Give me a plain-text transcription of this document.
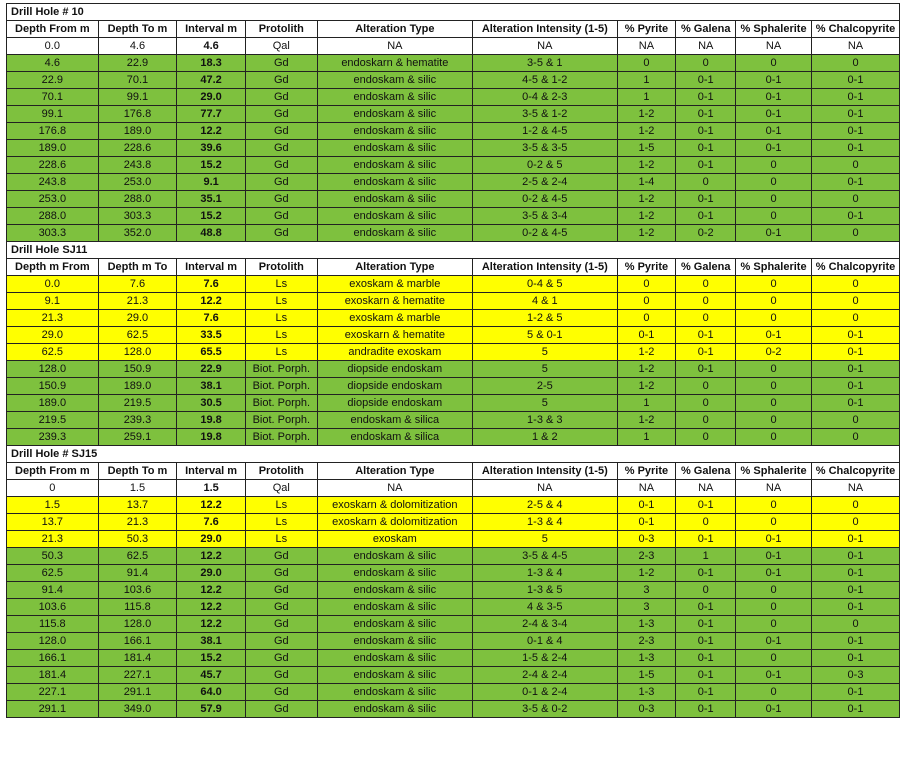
Drill Hole # 10									
Depth From m	Depth To m	Interval m	Protolith	Alteration Type	Alteration Intensity (1-5)	% Pyrite	% Galena	% Sphalerite	% Chalcopyrite
0.0	4.6	4.6	Qal	NA	NA	NA	NA	NA	NA
4.6	22.9	18.3	Gd	endoskarn & hematite	3-5 & 1	0	0	0	0
22.9	70.1	47.2	Gd	endoskam & silic	4-5 & 1-2	1	0-1	0-1	0-1
70.1	99.1	29.0	Gd	endoskam & silic	0-4 & 2-3	1	0-1	0-1	0-1
99.1	176.8	77.7	Gd	endoskam & silic	3-5 & 1-2	1-2	0-1	0-1	0-1
176.8	189.0	12.2	Gd	endoskam & silic	1-2 & 4-5	1-2	0-1	0-1	0-1
189.0	228.6	39.6	Gd	endoskam & silic	3-5 & 3-5	1-5	0-1	0-1	0-1
228.6	243.8	15.2	Gd	endoskam & silic	0-2 & 5	1-2	0-1	0	0
243.8	253.0	9.1	Gd	endoskam & silic	2-5 & 2-4	1-4	0	0	0-1
253.0	288.0	35.1	Gd	endoskam & silic	0-2 & 4-5	1-2	0-1	0	0
288.0	303.3	15.2	Gd	endoskam & silic	3-5 & 3-4	1-2	0-1	0	0-1
303.3	352.0	48.8	Gd	endoskam & silic	0-2 & 4-5	1-2	0-2	0-1	0
Drill Hole SJ11									
Depth m From	Depth m To	Interval m	Protolith	Alteration Type	Alteration Intensity (1-5)	% Pyrite	% Galena	% Sphalerite	% Chalcopyrite
0.0	7.6	7.6	Ls	exoskam & marble	0-4 & 5	0	0	0	0
9.1	21.3	12.2	Ls	exoskarn & hematite	4 & 1	0	0	0	0
21.3	29.0	7.6	Ls	exoskam & marble	1-2 & 5	0	0	0	0
29.0	62.5	33.5	Ls	exoskarn & hematite	5 & 0-1	0-1	0-1	0-1	0-1
62.5	128.0	65.5	Ls	andradite exoskam	5	1-2	0-1	0-2	0-1
128.0	150.9	22.9	Biot. Porph.	diopside endoskam	5	1-2	0-1	0	0-1
150.9	189.0	38.1	Biot. Porph.	diopside endoskam	2-5	1-2	0	0	0-1
189.0	219.5	30.5	Biot. Porph.	diopside endoskam	5	1	0	0	0-1
219.5	239.3	19.8	Biot. Porph.	endoskam & silica	1-3 & 3	1-2	0	0	0
239.3	259.1	19.8	Biot. Porph.	endoskam & silica	1 & 2	1	0	0	0
Drill Hole # SJ15									
Depth From m	Depth To m	Interval m	Protolith	Alteration Type	Alteration Intensity (1-5)	% Pyrite	% Galena	% Sphalerite	% Chalcopyrite
0	1.5	1.5	Qal	NA	NA	NA	NA	NA	NA
1.5	13.7	12.2	Ls	exoskarn & dolomitization	2-5 & 4	0-1	0-1	0	0
13.7	21.3	7.6	Ls	exoskarn & dolomitization	1-3 & 4	0-1	0	0	0
21.3	50.3	29.0	Ls	exoskam	5	0-3	0-1	0-1	0-1
50.3	62.5	12.2	Gd	endoskam & silic	3-5 & 4-5	2-3	1	0-1	0-1
62.5	91.4	29.0	Gd	endoskam & silic	1-3 & 4	1-2	0-1	0-1	0-1
91.4	103.6	12.2	Gd	endoskam & silic	1-3 & 5	3	0	0	0-1
103.6	115.8	12.2	Gd	endoskam & silic	4 & 3-5	3	0-1	0	0-1
115.8	128.0	12.2	Gd	endoskam & silic	2-4 & 3-4	1-3	0-1	0	0
128.0	166.1	38.1	Gd	endoskam & silic	0-1 & 4	2-3	0-1	0-1	0-1
166.1	181.4	15.2	Gd	endoskam & silic	1-5 & 2-4	1-3	0-1	0	0-1
181.4	227.1	45.7	Gd	endoskam & silic	2-4 & 2-4	1-5	0-1	0-1	0-3
227.1	291.1	64.0	Gd	endoskam & silic	0-1 & 2-4	1-3	0-1	0	0-1
291.1	349.0	57.9	Gd	endoskam & silic	3-5 & 0-2	0-3	0-1	0-1	0-1
